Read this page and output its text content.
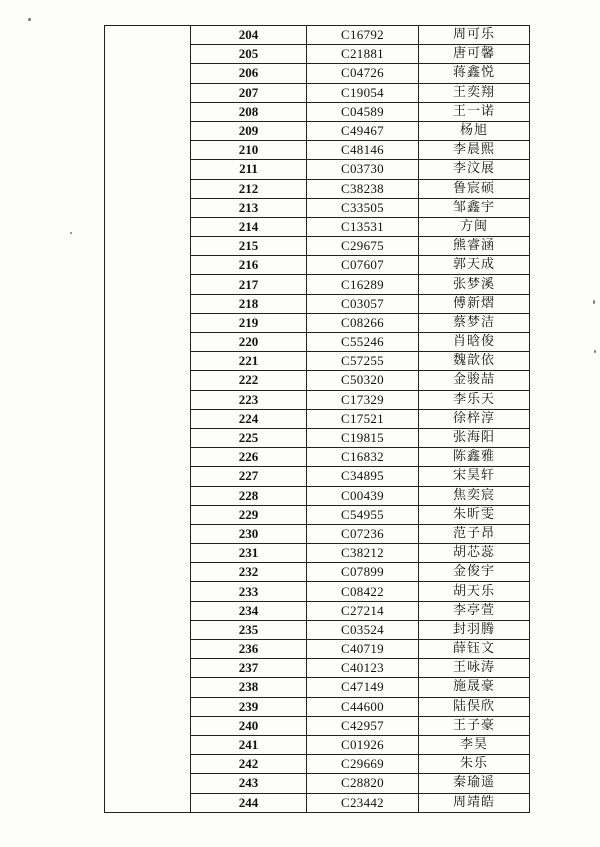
	204	C16792	周可乐
	205	C21881	唐可馨
	206	C04726	蒋鑫悦
	207	C19054	王奕翔
	208	C04589	王一诺
	209	C49467	杨旭
	210	C48146	李晨熙
	211	C03730	李汶展
	212	C38238	鲁宸硕
	213	C33505	邹鑫宇
	214	C13531	方闽
	215	C29675	熊睿涵
	216	C07607	郭天成
	217	C16289	张梦溪
	218	C03057	傅新熠
	219	C08266	蔡梦洁
	220	C55246	肖晗俊
	221	C57255	魏歆依
	222	C50320	金骏喆
	223	C17329	李乐天
	224	C17521	徐梓淳
	225	C19815	张海阳
	226	C16832	陈鑫雅
	227	C34895	宋昊轩
	228	C00439	焦奕宸
	229	C54955	朱昕雯
	230	C07236	范子昂
	231	C38212	胡芯蕊
	232	C07899	金俊宇
	233	C08422	胡天乐
	234	C27214	李亭萱
	235	C03524	封羽腾
	236	C40719	薛钰文
	237	C40123	王咏涛
	238	C47149	施晟豪
	239	C44600	陆俣欣
	240	C42957	王子豪
	241	C01926	李昊
	242	C29669	朱乐
	243	C28820	秦瑜遥
	244	C23442	周靖皓
